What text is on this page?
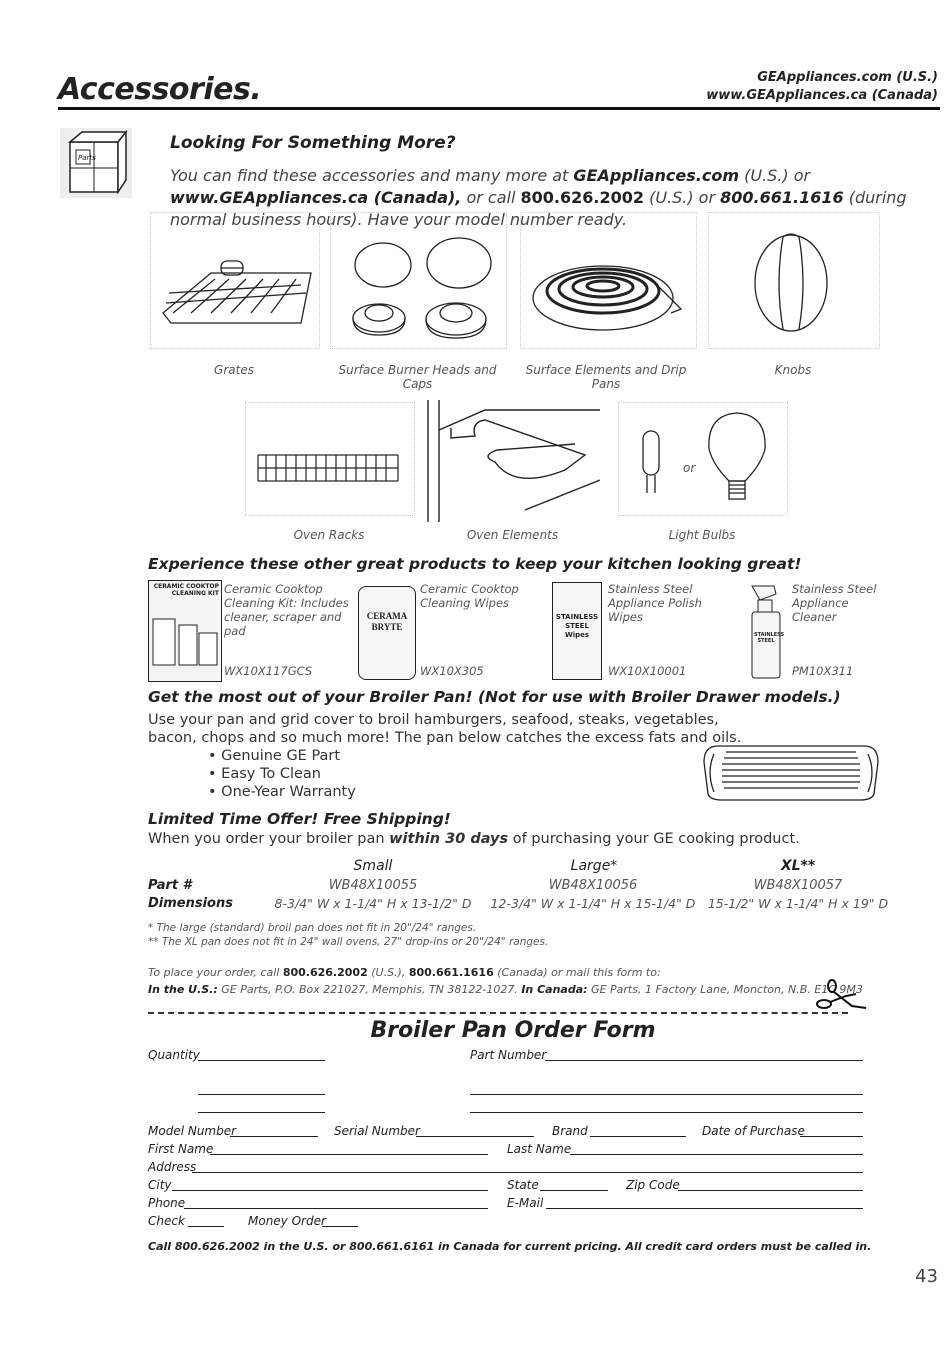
Accessories.	GEAppliances.com (U.S.)
www.GEAppliances.ca (Canada)
Parts
Looking For Something More?
You can find these accessories and many more at GEAppliances.com (U.S.) or www.GEAppliances.ca (Canada), or call 800.626.2002 (U.S.) or 800.661.1616 (during normal business hours). Have your model number ready.
Grates	Surface Burner Heads and Caps
Surface Elements and Drip Pans
Knobs
or
Oven Racks	Oven Elements	Light Bulbs
Experience these other great products to keep your kitchen looking great!
CERAMIC COOKTOP CLEANING KIT Ceramic Cooktop Cleaning Kit: Includes cleaner, scraper and pad
WX10X117GCS
CERAMA BRYTE
Ceramic Cooktop Cleaning Wipes
WX10X305
STAINLESS STEEL Wipes
Stainless Steel Appliance Polish Wipes
WX10X10001
STAINLESS STEEL
Stainless Steel Appliance Cleaner
PM10X311
Get the most out of your Broiler Pan! (Not for use with Broiler Drawer models.)
Use your pan and grid cover to broil hamburgers, seafood, steaks, vegetables,
bacon, chops and so much more! The pan below catches the excess fats and oils.
• Genuine GE Part
• Easy To Clean
• One-Year Warranty
Limited Time Offer! Free Shipping!
When you order your broiler pan within 30 days of purchasing your GE cooking product.
Small	Large*	XL**
Part #	WB48X10055	WB48X10056	WB48X10057
Dimensions	8-3/4" W x 1-1/4" H x 13-1/2" D	12-3/4" W x 1-1/4" H x 15-1/4" D 15-1/2" W x 1-1/4" H x 19" D
* The large (standard) broil pan does not fit in 20"/24" ranges.
** The XL pan does not fit in 24" wall ovens, 27" drop-ins or 20"/24" ranges.
To place your order, call 800.626.2002 (U.S.), 800.661.1616 (Canada) or mail this form to:
In the U.S.: GE Parts, P.O. Box 221027, Memphis, TN 38122-1027. In Canada: GE Parts, 1 Factory Lane, Moncton, N.B. E1C 9M3
Broiler Pan Order Form
Quantity	Part Number
Model Number	Serial Number	Brand	Date of Purchase
First Name	Last Name
Address
City	State	Zip Code
Phone	E-Mail
Check	Money Order
Call 800.626.2002 in the U.S. or 800.661.6161 in Canada for current pricing. All credit card orders must be called in.
43
